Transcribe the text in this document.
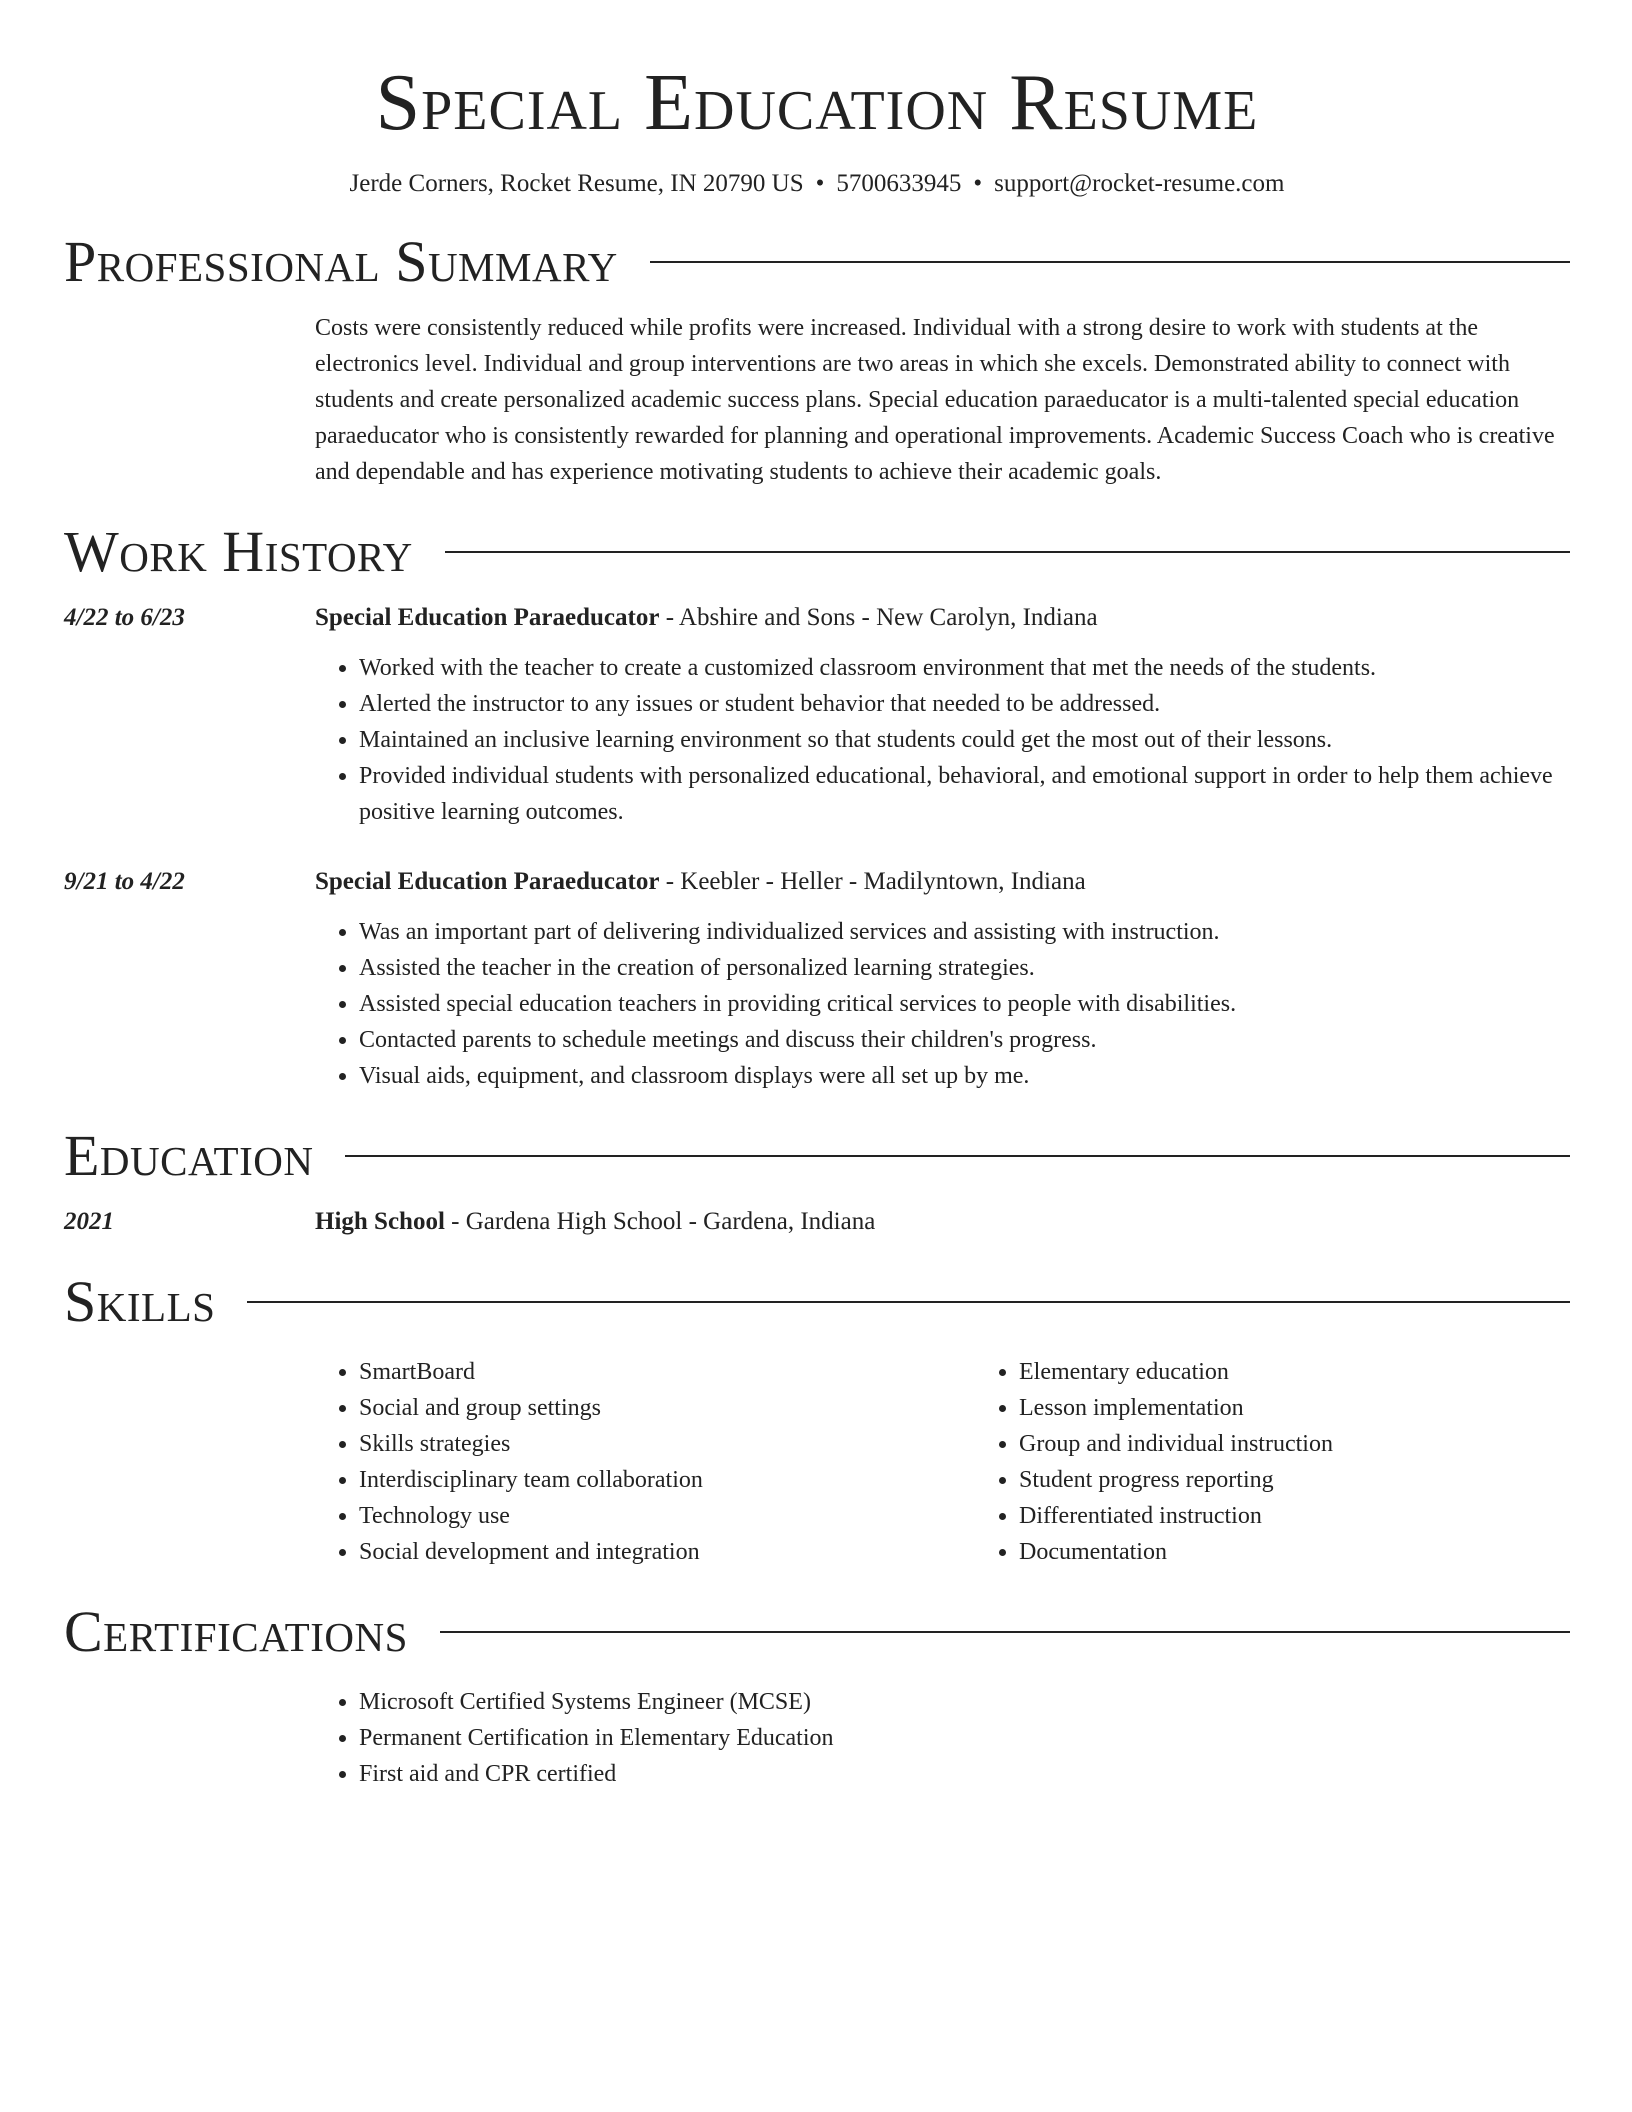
Special Education Resume
Jerde Corners, Rocket Resume, IN 20790 US • 5700633945 • support@rocket-resume.com
Professional Summary
Costs were consistently reduced while profits were increased. Individual with a strong desire to work with students at the electronics level. Individual and group interventions are two areas in which she excels. Demonstrated ability to connect with students and create personalized academic success plans. Special education paraeducator is a multi-talented special education paraeducator who is consistently rewarded for planning and operational improvements. Academic Success Coach who is creative and dependable and has experience motivating students to achieve their academic goals.
Work History
4/22 to 6/23	Special Education Paraeducator - Abshire and Sons - New Carolyn, Indiana
• Worked with the teacher to create a customized classroom environment that met the needs of the students.
• Alerted the instructor to any issues or student behavior that needed to be addressed.
• Maintained an inclusive learning environment so that students could get the most out of their lessons.
• Provided individual students with personalized educational, behavioral, and emotional support in order to help them achieve positive learning outcomes.
9/21 to 4/22	Special Education Paraeducator - Keebler - Heller - Madilyntown, Indiana
• Was an important part of delivering individualized services and assisting with instruction.
• Assisted the teacher in the creation of personalized learning strategies.
• Assisted special education teachers in providing critical services to people with disabilities.
• Contacted parents to schedule meetings and discuss their children's progress.
• Visual aids, equipment, and classroom displays were all set up by me.
Education
2021	High School - Gardena High School - Gardena, Indiana
Skills
• SmartBoard
• Social and group settings
• Skills strategies
• Interdisciplinary team collaboration
• Technology use
• Social development and integration
• Elementary education
• Lesson implementation
• Group and individual instruction
• Student progress reporting
• Differentiated instruction
• Documentation
Certifications
• Microsoft Certified Systems Engineer (MCSE)
• Permanent Certification in Elementary Education
• First aid and CPR certified
